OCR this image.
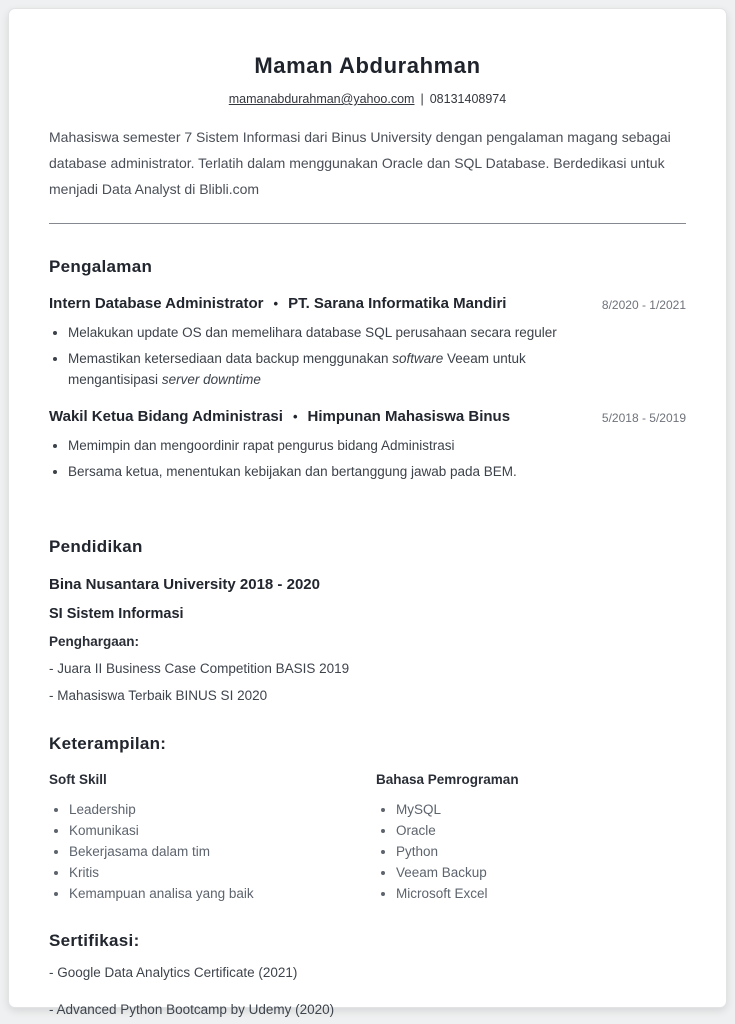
Maman Abdurahman
mamanabdurahman@yahoo.com | 08131408974

Mahasiswa semester 7 Sistem Informasi dari Binus University dengan pengalaman magang sebagai database administrator. Terlatih dalam menggunakan Oracle dan SQL Database. Berdedikasi untuk menjadi Data Analyst di Blibli.com

Pengalaman
Intern Database Administrator • PT. Sarana Informatika Mandiri	8/2020 - 1/2021
• Melakukan update OS dan memelihara database SQL perusahaan secara reguler
• Memastikan ketersediaan data backup menggunakan software Veeam untuk mengantisipasi server downtime
Wakil Ketua Bidang Administrasi • Himpunan Mahasiswa Binus	5/2018 - 5/2019
• Memimpin dan mengoordinir rapat pengurus bidang Administrasi
• Bersama ketua, menentukan kebijakan dan bertanggung jawab pada BEM.
Pendidikan
Bina Nusantara University 2018 - 2020
SI Sistem Informasi
Penghargaan:
- Juara II Business Case Competition BASIS 2019
- Mahasiswa Terbaik BINUS SI 2020
Keterampilan:
Soft Skill
• Leadership
• Komunikasi
• Bekerjasama dalam tim
• Kritis
• Kemampuan analisa yang baik
Bahasa Pemrograman
• MySQL
• Oracle
• Python
• Veeam Backup
• Microsoft Excel
Sertifikasi:
- Google Data Analytics Certificate (2021)
- Advanced Python Bootcamp by Udemy (2020)
